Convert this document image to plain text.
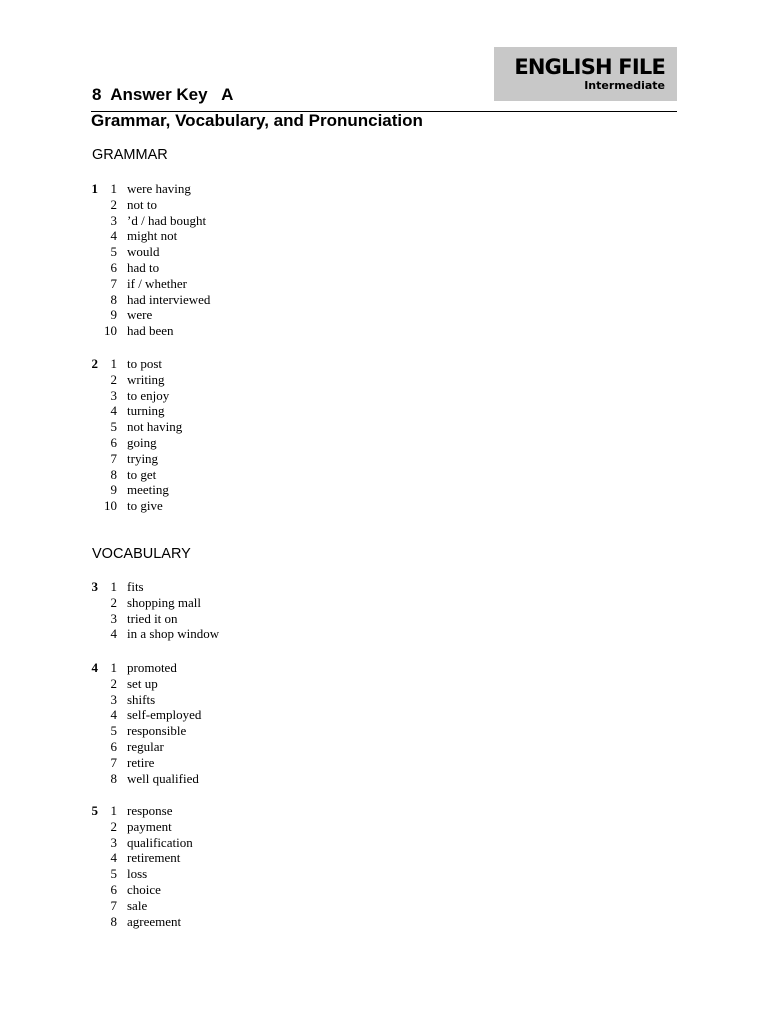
ENGLISH FILE
Intermediate
8  Answer Key   A
Grammar, Vocabulary, and Pronunciation
GRAMMAR
1 1 were having
2 not to
3 ’d / had bought
4 might not
5 would
6 had to
7 if / whether
8 had interviewed
9 were
10 had been
2 1 to post
2 writing
3 to enjoy
4 turning
5 not having
6 going
7 trying
8 to get
9 meeting
10 to give
VOCABULARY
3 1 fits
2 shopping mall
3 tried it on
4 in a shop window
4 1 promoted
2 set up
3 shifts
4 self-employed
5 responsible
6 regular
7 retire
8 well qualified
5 1 response
2 payment
3 qualification
4 retirement
5 loss
6 choice
7 sale
8 agreement
